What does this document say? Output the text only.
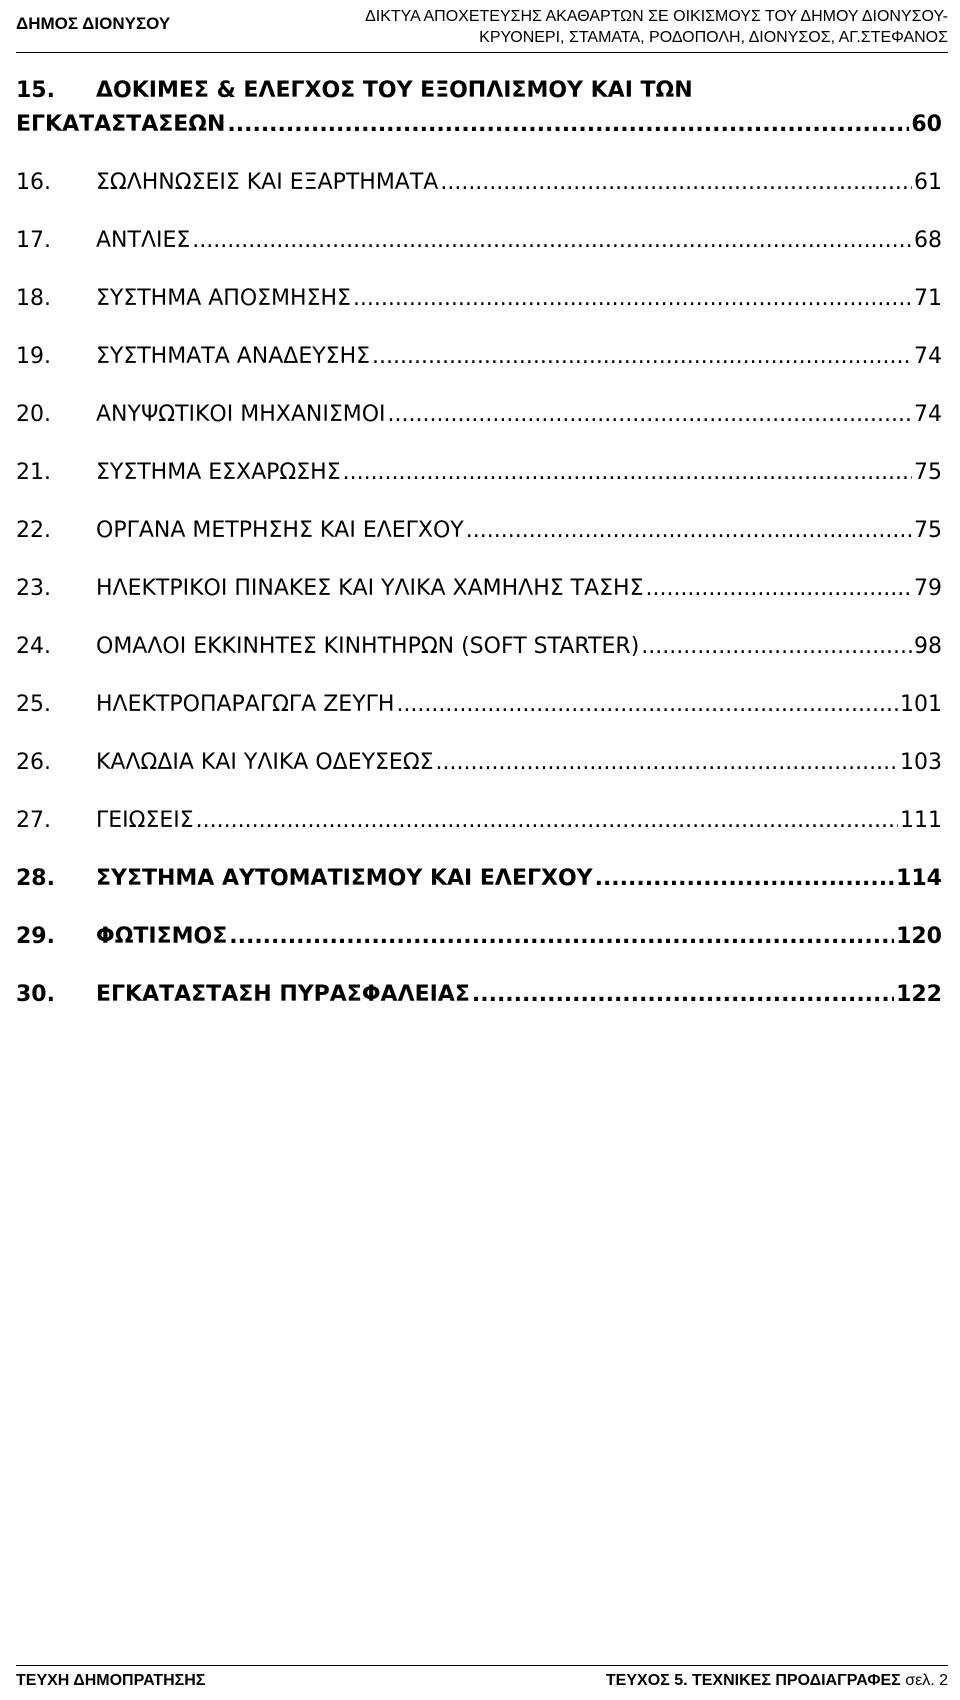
ΔΗΜΟΣ ΔΙΟΝΥΣΟΥ	ΔΙΚΤΥΑ ΑΠΟΧΕΤΕΥΣΗΣ ΑΚΑΘΑΡΤΩΝ ΣΕ ΟΙΚΙΣΜΟΥΣ ΤΟΥ ΔΗΜΟΥ ΔΙΟΝΥΣΟΥ-
ΚΡΥΟΝΕΡΙ, ΣΤΑΜΑΤΑ, ΡΟΔΟΠΟΛΗ, ΔΙΟΝΥΣΟΣ, ΑΓ.ΣΤΕΦΑΝΟΣ
15. ΔΟΚΙΜΕΣ & ΕΛΕΓΧΟΣ ΤΟΥ ΕΞΟΠΛΙΣΜΟΥ ΚΑΙ ΤΩΝ
ΕΓΚΑΤΑΣΤΑΣΕΩΝ .....	60
16. ΣΩΛΗΝΩΣΕΙΣ ΚΑΙ ΕΞΑΡΤΗΜΑΤΑ .....	61
17. ΑΝΤΛΙΕΣ .....	68
18. ΣΥΣΤΗΜΑ ΑΠΟΣΜΗΣΗΣ .....	71
19. ΣΥΣΤΗΜΑΤΑ ΑΝΑΔΕΥΣΗΣ .....	74
20. ΑΝΥΨΩΤΙΚΟΙ ΜΗΧΑΝΙΣΜΟΙ .....	74
21. ΣΥΣΤΗΜΑ ΕΣΧΑΡΩΣΗΣ .....	75
22. ΟΡΓΑΝΑ ΜΕΤΡΗΣΗΣ ΚΑΙ ΕΛΕΓΧΟΥ .....	75
23. ΗΛΕΚΤΡΙΚΟΙ ΠΙΝΑΚΕΣ ΚΑΙ ΥΛΙΚΑ ΧΑΜΗΛΗΣ ΤΑΣΗΣ .....	79
24. ΟΜΑΛΟΙ ΕΚΚΙΝΗΤΕΣ ΚΙΝΗΤΗΡΩΝ (SOFT STARTER) .....	98
25. ΗΛΕΚΤΡΟΠΑΡΑΓΩΓΑ ΖΕΥΓΗ .....	101
26. ΚΑΛΩΔΙΑ ΚΑΙ ΥΛΙΚΑ ΟΔΕΥΣΕΩΣ .....	103
27. ΓΕΙΩΣΕΙΣ .....	111
28. ΣΥΣΤΗΜΑ ΑΥΤΟΜΑΤΙΣΜΟΥ ΚΑΙ ΕΛΕΓΧΟΥ .....	114
29. ΦΩΤΙΣΜΟΣ .....	120
30. ΕΓΚΑΤΑΣΤΑΣΗ ΠΥΡΑΣΦΑΛΕΙΑΣ .....	122
ΤΕΥΧΗ ΔΗΜΟΠΡΑΤΗΣΗΣ	ΤΕΥΧΟΣ 5. ΤΕΧΝΙΚΕΣ ΠΡΟΔΙΑΓΡΑΦΕΣ σελ. 2
